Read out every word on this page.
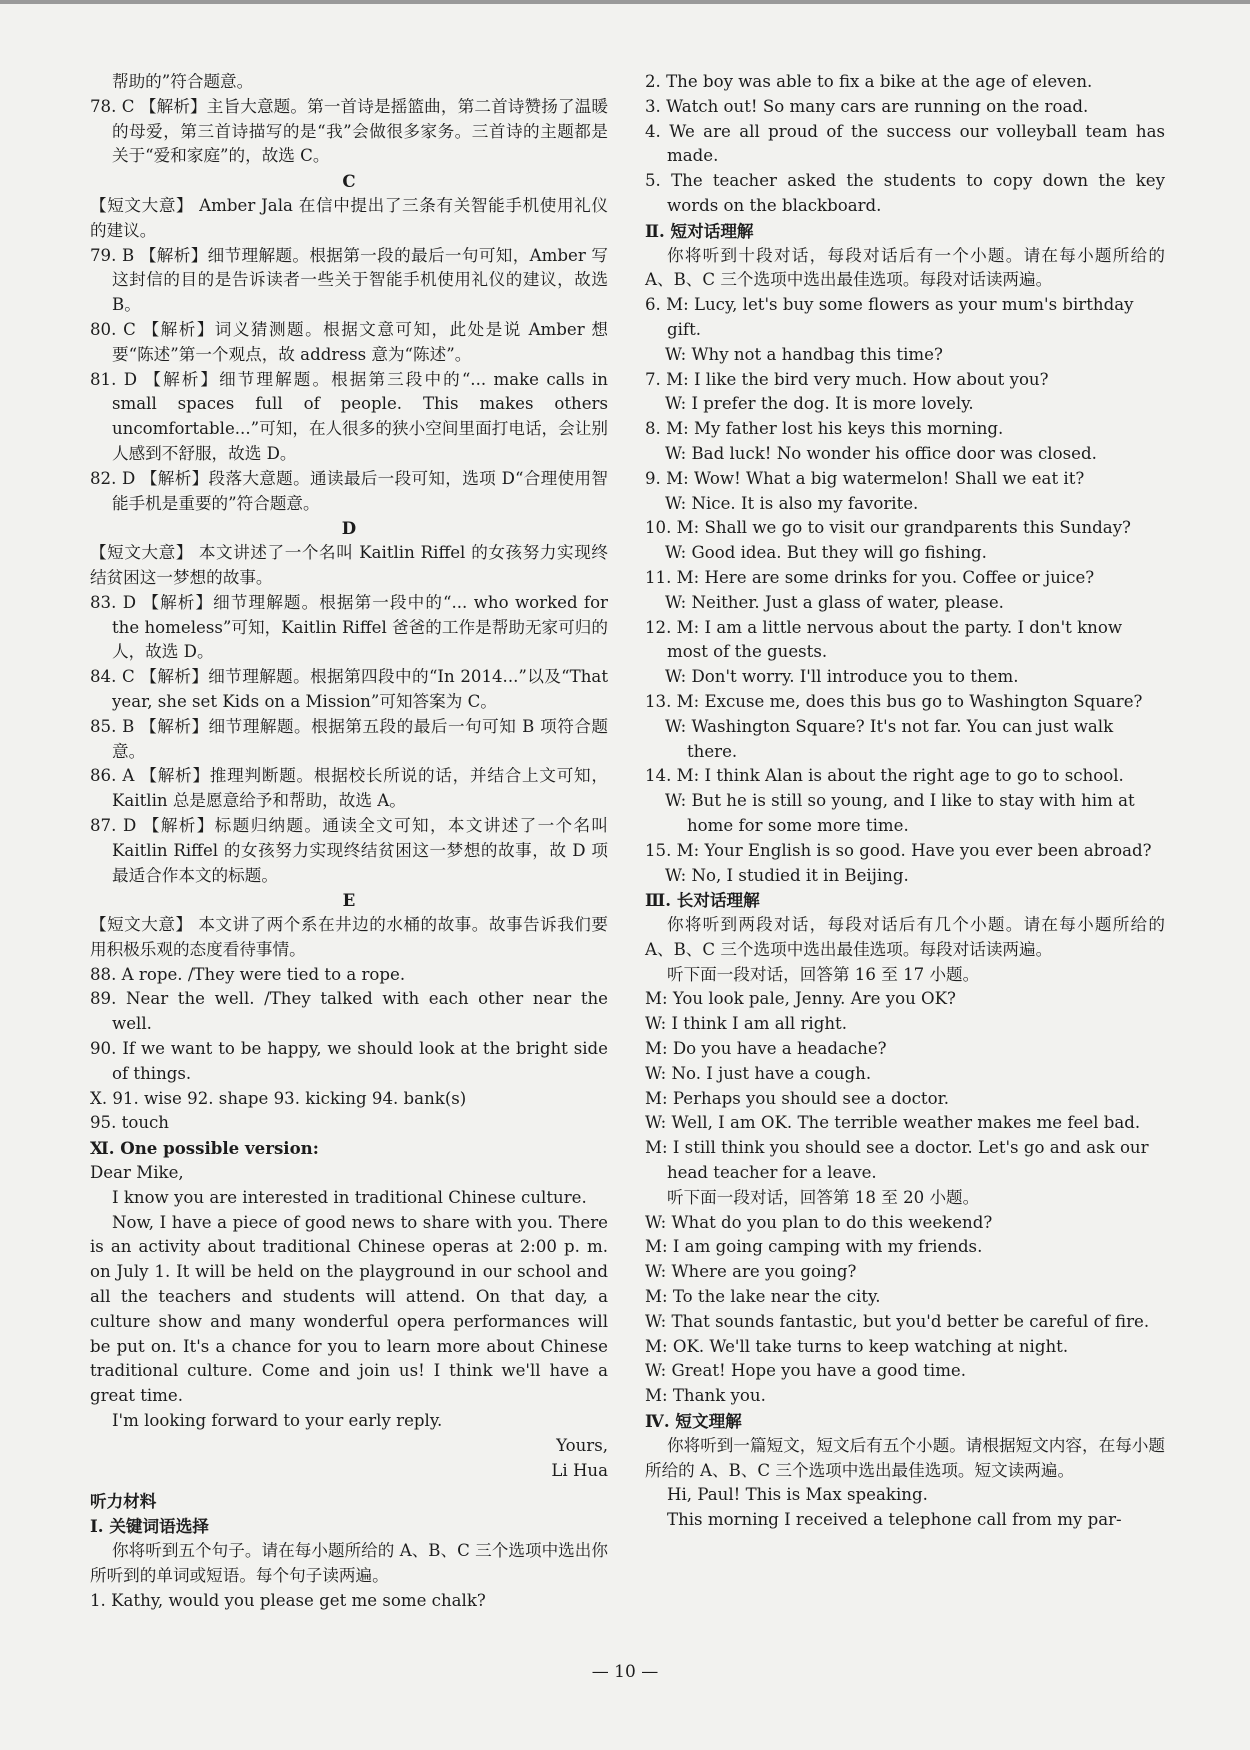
帮助的”符合题意。

78. C 【解析】主旨大意题。第一首诗是摇篮曲，第二首诗赞扬了温暖的母爱，第三首诗描写的是“我”会做很多家务。三首诗的主题都是关于“爱和家庭”的，故选 C。

C

【短文大意】 Amber Jala 在信中提出了三条有关智能手机使用礼仪的建议。

79. B 【解析】细节理解题。根据第一段的最后一句可知，Amber 写这封信的目的是告诉读者一些关于智能手机使用礼仪的建议，故选 B。

80. C 【解析】词义猜测题。根据文意可知，此处是说 Amber 想要“陈述”第一个观点，故 address 意为“陈述”。

81. D 【解析】细节理解题。根据第三段中的“... make calls in small spaces full of people. This makes others uncomfortable...”可知，在人很多的狭小空间里面打电话，会让别人感到不舒服，故选 D。

82. D 【解析】段落大意题。通读最后一段可知，选项 D“合理使用智能手机是重要的”符合题意。

D

【短文大意】 本文讲述了一个名叫 Kaitlin Riffel 的女孩努力实现终结贫困这一梦想的故事。

83. D 【解析】细节理解题。根据第一段中的“... who worked for the homeless”可知，Kaitlin Riffel 爸爸的工作是帮助无家可归的人，故选 D。

84. C 【解析】细节理解题。根据第四段中的“In 2014...”以及“That year, she set Kids on a Mission”可知答案为 C。

85. B 【解析】细节理解题。根据第五段的最后一句可知 B 项符合题意。

86. A 【解析】推理判断题。根据校长所说的话，并结合上文可知，Kaitlin 总是愿意给予和帮助，故选 A。

87. D 【解析】标题归纳题。通读全文可知，本文讲述了一个名叫 Kaitlin Riffel 的女孩努力实现终结贫困这一梦想的故事，故 D 项最适合作本文的标题。

E

【短文大意】 本文讲了两个系在井边的水桶的故事。故事告诉我们要用积极乐观的态度看待事情。

88. A rope. /They were tied to a rope.

89. Near the well. /They talked with each other near the well.

90. If we want to be happy, we should look at the bright side of things.

Ⅹ. 91. wise 92. shape 93. kicking 94. bank(s)

95. touch

Ⅺ. One possible version:

Dear Mike,

I know you are interested in traditional Chinese culture.

Now, I have a piece of good news to share with you. There is an activity about traditional Chinese operas at 2:00 p. m. on July 1. It will be held on the playground in our school and all the teachers and students will attend. On that day, a culture show and many wonderful opera performances will be put on. It's a chance for you to learn more about Chinese traditional culture. Come and join us! I think we'll have a great time.

I'm looking forward to your early reply.

Yours,

Li Hua

听力材料

Ⅰ. 关键词语选择

你将听到五个句子。请在每小题所给的 A、B、C 三个选项中选出你所听到的单词或短语。每个句子读两遍。

1. Kathy, would you please get me some chalk?

2. The boy was able to fix a bike at the age of eleven.

3. Watch out! So many cars are running on the road.

4. We are all proud of the success our volleyball team has made.

5. The teacher asked the students to copy down the key words on the blackboard.

Ⅱ. 短对话理解

你将听到十段对话，每段对话后有一个小题。请在每小题所给的 A、B、C 三个选项中选出最佳选项。每段对话读两遍。

6. M: Lucy, let's buy some flowers as your mum's birthday gift.

W: Why not a handbag this time?

7. M: I like the bird very much. How about you?

W: I prefer the dog. It is more lovely.

8. M: My father lost his keys this morning.

W: Bad luck! No wonder his office door was closed.

9. M: Wow! What a big watermelon! Shall we eat it?

W: Nice. It is also my favorite.

10. M: Shall we go to visit our grandparents this Sunday?

W: Good idea. But they will go fishing.

11. M: Here are some drinks for you. Coffee or juice?

W: Neither. Just a glass of water, please.

12. M: I am a little nervous about the party. I don't know most of the guests.

W: Don't worry. I'll introduce you to them.

13. M: Excuse me, does this bus go to Washington Square?

W: Washington Square? It's not far. You can just walk there.

14. M: I think Alan is about the right age to go to school.

W: But he is still so young, and I like to stay with him at home for some more time.

15. M: Your English is so good. Have you ever been abroad?

W: No, I studied it in Beijing.

Ⅲ. 长对话理解

你将听到两段对话，每段对话后有几个小题。请在每小题所给的 A、B、C 三个选项中选出最佳选项。每段对话读两遍。

听下面一段对话，回答第 16 至 17 小题。

M: You look pale, Jenny. Are you OK?

W: I think I am all right.

M: Do you have a headache?

W: No. I just have a cough.

M: Perhaps you should see a doctor.

W: Well, I am OK. The terrible weather makes me feel bad.

M: I still think you should see a doctor. Let's go and ask our head teacher for a leave.

听下面一段对话，回答第 18 至 20 小题。

W: What do you plan to do this weekend?

M: I am going camping with my friends.

W: Where are you going?

M: To the lake near the city.

W: That sounds fantastic, but you'd better be careful of fire.

M: OK. We'll take turns to keep watching at night.

W: Great! Hope you have a good time.

M: Thank you.

Ⅳ. 短文理解

你将听到一篇短文，短文后有五个小题。请根据短文内容，在每小题所给的 A、B、C 三个选项中选出最佳选项。短文读两遍。

Hi, Paul! This is Max speaking.

This morning I received a telephone call from my par-

— 10 —
